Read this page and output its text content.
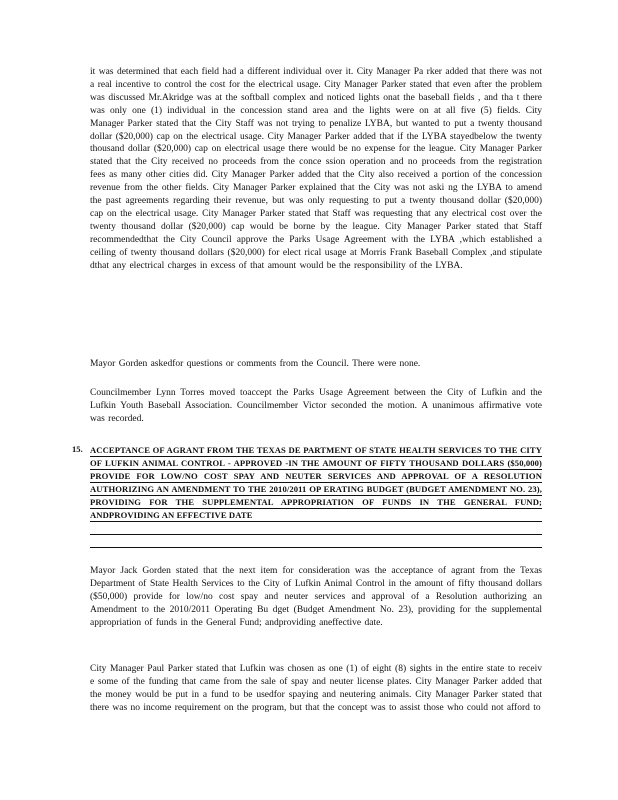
it was determined that each field had a different individual over it. City Manager Pa rker added that there was not a real incentive to control the cost for the electrical usage. City Manager Parker stated that even after the problem was discussed Mr.Akridge was at the softball complex and noticed lights onat the baseball fields , and tha t there was only one (1) individual in the concession stand area and the lights were on at all five (5) fields. City Manager Parker stated that the City Staff was not trying to penalize LYBA, but wanted to put a twenty thousand dollar ($20,000) cap on the electrical usage. City Manager Parker added that if the LYBA stayedbelow the twenty thousand dollar ($20,000) cap on electrical usage there would be no expense for the league. City Manager Parker stated that the City received no proceeds from the conce ssion operation and no proceeds from the registration fees as many other cities did. City Manager Parker added that the City also received a portion of the concession revenue from the other fields. City Manager Parker explained that the City was not aski ng the LYBA to amend the past agreements regarding their revenue, but was only requesting to put a twenty thousand dollar ($20,000) cap on the electrical usage. City Manager Parker stated that Staff was requesting that any electrical cost over the twenty thousand dollar ($20,000) cap would be borne by the league. City Manager Parker stated that Staff recommendedthat the City Council approve the Parks Usage Agreement with the LYBA ,which established a ceiling of twenty thousand dollars ($20,000) for elect rical usage at Morris Frank Baseball Complex ,and stipulate dthat any electrical charges in excess of that amount would be the responsibility of the LYBA.

Mayor Gorden askedfor questions or comments from the Council. There were none.

Councilmember Lynn Torres moved toaccept the Parks Usage Agreement between the City of Lufkin and the Lufkin Youth Baseball Association. Councilmember Victor seconded the motion. A unanimous affirmative vote was recorded.

15. ACCEPTANCE OF AGRANT FROM THE TEXAS DE PARTMENT OF STATE HEALTH SERVICES TO THE CITY OF LUFKIN ANIMAL CONTROL - APPROVED -IN THE AMOUNT OF FIFTY THOUSAND DOLLARS ($50,000) PROVIDE FOR LOW/NO COST SPAY AND NEUTER SERVICES AND APPROVAL OF A RESOLUTION AUTHORIZING AN AMENDMENT TO THE 2010/2011 OP ERATING BUDGET (BUDGET AMENDMENT NO. 23), PROVIDING FOR THE SUPPLEMENTAL APPROPRIATION OF FUNDS IN THE GENERAL FUND; ANDPROVIDING AN EFFECTIVE DATE

Mayor Jack Gorden stated that the next item for consideration was the acceptance of agrant from the Texas Department of State Health Services to the City of Lufkin Animal Control in the amount of fifty thousand dollars ($50,000) provide for low/no cost spay and neuter services and approval of a Resolution authorizing an Amendment to the 2010/2011 Operating Bu dget (Budget Amendment No. 23), providing for the supplemental appropriation of funds in the General Fund; andproviding aneffective date.

City Manager Paul Parker stated that Lufkin was chosen as one (1) of eight (8) sights in the entire state to receiv e some of the funding that came from the sale of spay and neuter license plates. City Manager Parker added that the money would be put in a fund to be usedfor spaying and neutering animals. City Manager Parker stated that there was no income requirement on the program, but that the concept was to assist those who could not afford to
